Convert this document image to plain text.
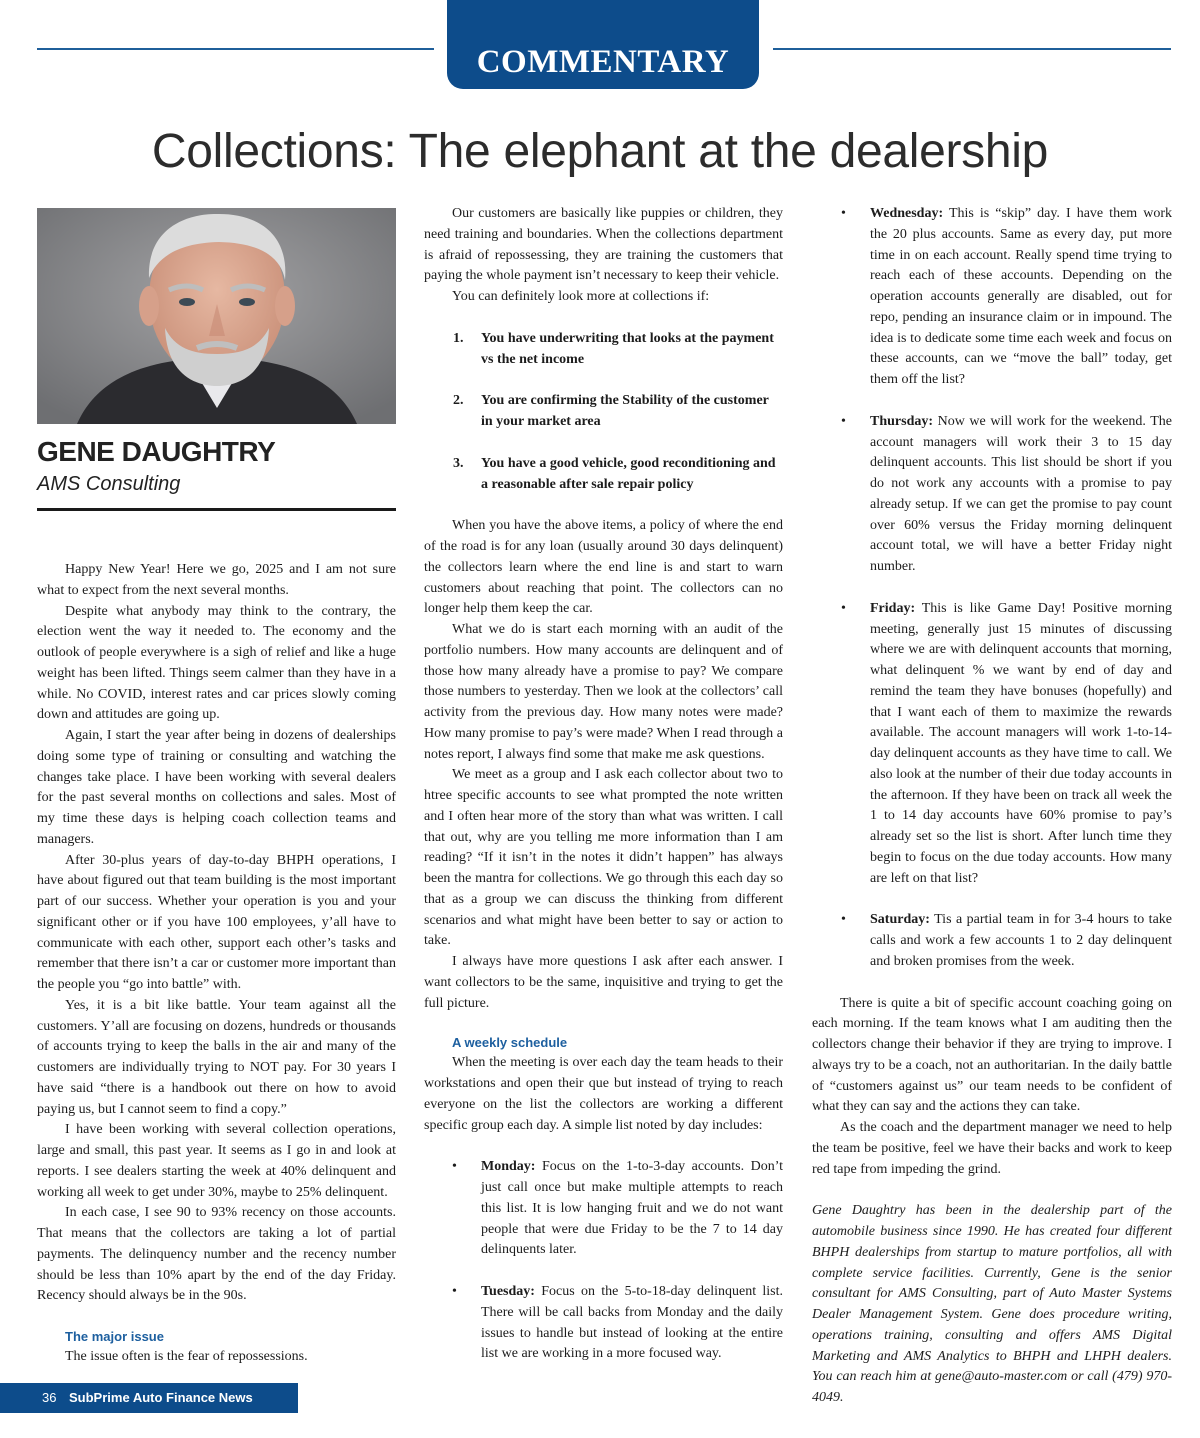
COMMENTARY
Collections: The elephant at the dealership
GENE DAUGHTRY
AMS Consulting

Happy New Year! Here we go, 2025 and I am not sure what to expect from the next several months.

Despite what anybody may think to the contrary, the election went the way it needed to. The economy and the outlook of people everywhere is a sigh of relief and like a huge weight has been lifted. Things seem calmer than they have in a while. No COVID, interest rates and car prices slowly coming down and attitudes are going up.

Again, I start the year after being in dozens of dealerships doing some type of training or consulting and watching the changes take place. I have been working with several dealers for the past several months on collections and sales. Most of my time these days is helping coach collection teams and managers.

After 30-plus years of day-to-day BHPH operations, I have about figured out that team building is the most important part of our success. Whether your operation is you and your significant other or if you have 100 employees, y’all have to communicate with each other, support each other’s tasks and remember that there isn’t a car or customer more important than the people you “go into battle” with.

Yes, it is a bit like battle. Your team against all the customers. Y’all are focusing on dozens, hundreds or thousands of accounts trying to keep the balls in the air and many of the customers are individually trying to NOT pay. For 30 years I have said “there is a handbook out there on how to avoid paying us, but I cannot seem to find a copy.”

I have been working with several collection operations, large and small, this past year. It seems as I go in and look at reports. I see dealers starting the week at 40% delinquent and working all week to get under 30%, maybe to 25% delinquent.

In each case, I see 90 to 93% recency on those accounts. That means that the collectors are taking a lot of partial payments. The delinquency number and the recency number should be less than 10% apart by the end of the day Friday. Recency should always be in the 90s.

The major issue

The issue often is the fear of repossessions.

Our customers are basically like puppies or children, they need training and boundaries. When the collections department is afraid of repossessing, they are training the customers that paying the whole payment isn’t necessary to keep their vehicle.

You can definitely look more at collections if:

1. You have underwriting that looks at the payment vs the net income
2. You are confirming the Stability of the customer in your market area
3. You have a good vehicle, good reconditioning and a reasonable after sale repair policy

When you have the above items, a policy of where the end of the road is for any loan (usually around 30 days delinquent) the collectors learn where the end line is and start to warn customers about reaching that point. The collectors can no longer help them keep the car.

What we do is start each morning with an audit of the portfolio numbers. How many accounts are delinquent and of those how many already have a promise to pay? We compare those numbers to yesterday. Then we look at the collectors’ call activity from the previous day. How many notes were made? How many promise to pay’s were made? When I read through a notes report, I always find some that make me ask questions.

We meet as a group and I ask each collector about two to htree specific accounts to see what prompted the note written and I often hear more of the story than what was written. I call that out, why are you telling me more information than I am reading? “If it isn’t in the notes it didn’t happen” has always been the mantra for collections. We go through this each day so that as a group we can discuss the thinking from different scenarios and what might have been better to say or action to take.

I always have more questions I ask after each answer. I want collectors to be the same, inquisitive and trying to get the full picture.

A weekly schedule

When the meeting is over each day the team heads to their workstations and open their que but instead of trying to reach everyone on the list the collectors are working a different specific group each day. A simple list noted by day includes:

• Monday: Focus on the 1-to-3-day accounts. Don’t just call once but make multiple attempts to reach this list. It is low hanging fruit and we do not want people that were due Friday to be the 7 to 14 day delinquents later.
• Tuesday: Focus on the 5-to-18-day delinquent list. There will be call backs from Monday and the daily issues to handle but instead of looking at the entire list we are working in a more focused way.
• Wednesday: This is “skip” day. I have them work the 20 plus accounts. Same as every day, put more time in on each account. Really spend time trying to reach each of these accounts. Depending on the operation accounts generally are disabled, out for repo, pending an insurance claim or in impound. The idea is to dedicate some time each week and focus on these accounts, can we “move the ball” today, get them off the list?
• Thursday: Now we will work for the weekend. The account managers will work their 3 to 15 day delinquent accounts. This list should be short if you do not work any accounts with a promise to pay already setup. If we can get the promise to pay count over 60% versus the Friday morning delinquent account total, we will have a better Friday night number.
• Friday: This is like Game Day! Positive morning meeting, generally just 15 minutes of discussing where we are with delinquent accounts that morning, what delinquent % we want by end of day and remind the team they have bonuses (hopefully) and that I want each of them to maximize the rewards available. The account managers will work 1-to-14-day delinquent accounts as they have time to call. We also look at the number of their due today accounts in the afternoon. If they have been on track all week the 1 to 14 day accounts have 60% promise to pay’s already set so the list is short. After lunch time they begin to focus on the due today accounts. How many are left on that list?
• Saturday: Tis a partial team in for 3-4 hours to take calls and work a few accounts 1 to 2 day delinquent and broken promises from the week.

There is quite a bit of specific account coaching going on each morning. If the team knows what I am auditing then the collectors change their behavior if they are trying to improve. I always try to be a coach, not an authoritarian. In the daily battle of “customers against us” our team needs to be confident of what they can say and the actions they can take.

As the coach and the department manager we need to help the team be positive, feel we have their backs and work to keep red tape from impeding the grind.

Gene Daughtry has been in the dealership part of the automobile business since 1990. He has created four different BHPH dealerships from startup to mature portfolios, all with complete service facilities. Currently, Gene is the senior consultant for AMS Consulting, part of Auto Master Systems Dealer Management System. Gene does procedure writing, operations training, consulting and offers AMS Digital Marketing and AMS Analytics to BHPH and LHPH dealers. You can reach him at gene@auto-master.com or call (479) 970-4049.

36 SubPrime Auto Finance News
